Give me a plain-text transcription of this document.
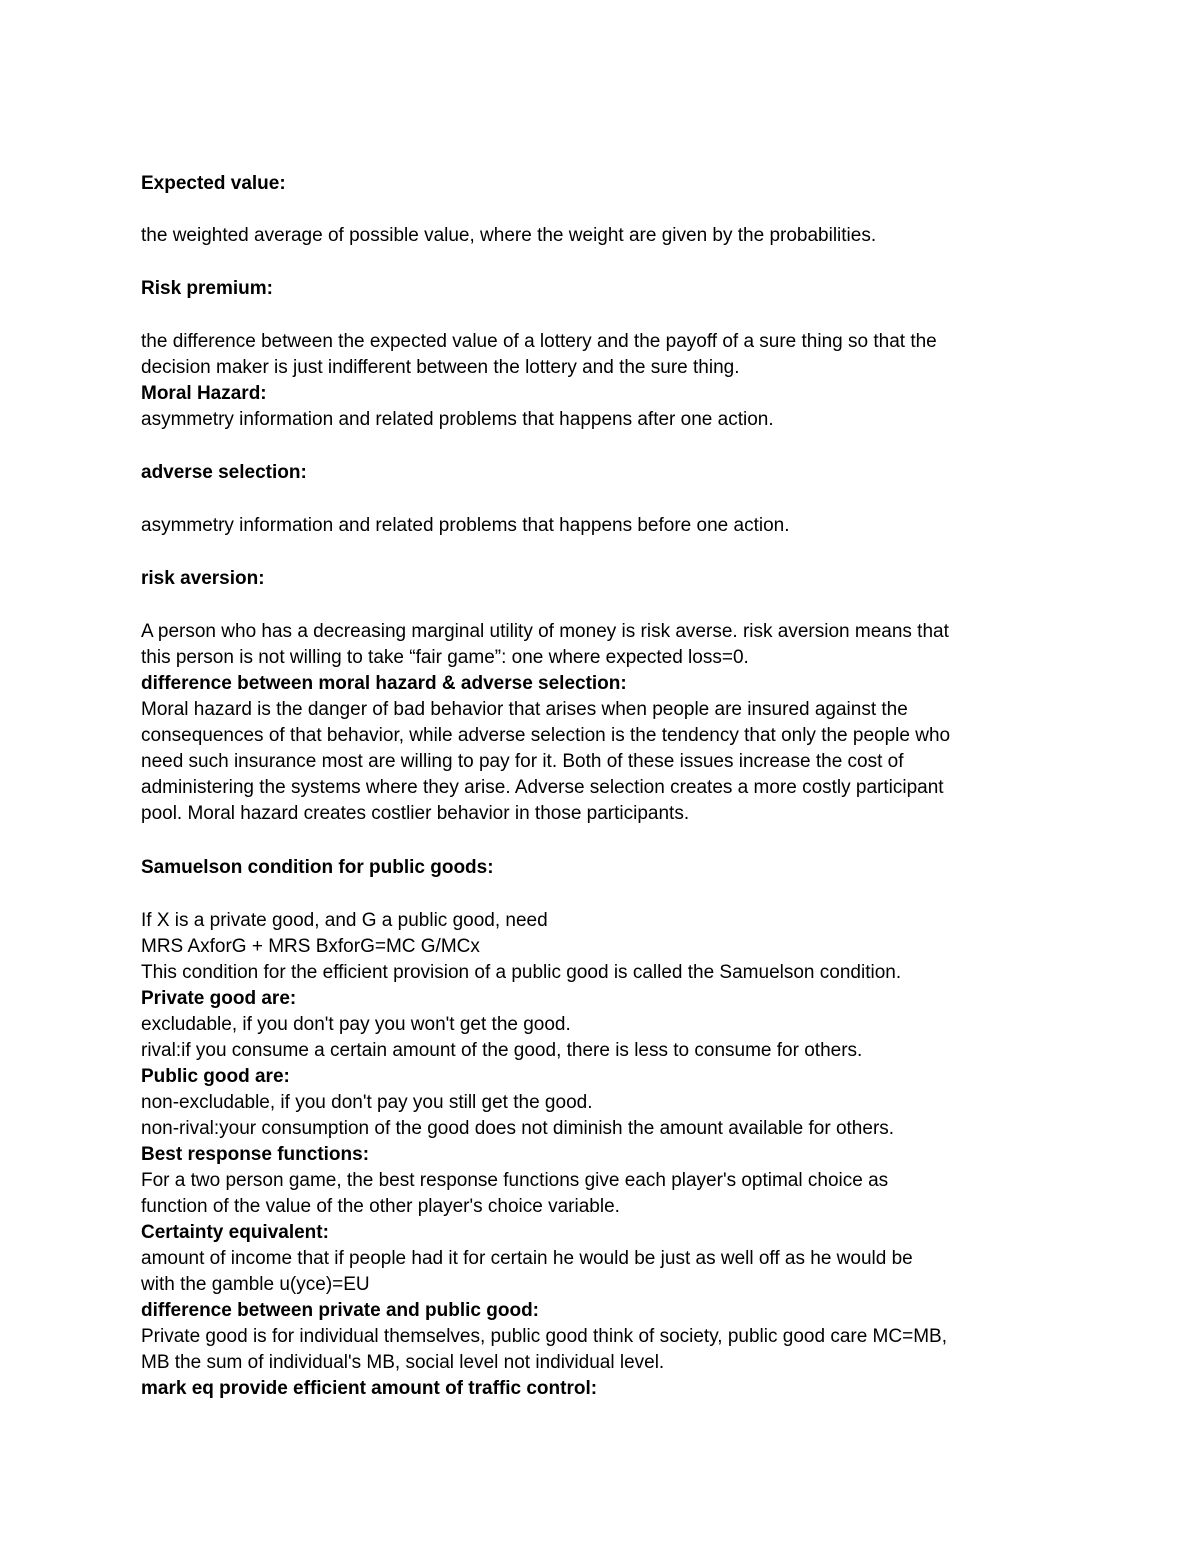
Expected value:
the weighted average of possible value, where the weight are given by the probabilities.
Risk premium:
the difference between the expected value of a lottery and the payoff of a sure thing so that the
decision maker is just indifferent between the lottery and the sure thing.
Moral Hazard:
asymmetry information and related problems that happens after one action.
adverse selection:
asymmetry information and related problems that happens before one action.
risk aversion:
A person who has a decreasing marginal utility of money is risk averse. risk aversion means that
this person is not willing to take “fair game”: one where expected loss=0.
difference between moral hazard & adverse selection:
Moral hazard is the danger of bad behavior that arises when people are insured against the
consequences of that behavior, while adverse selection is the tendency that only the people who
need such insurance most are willing to pay for it. Both of these issues increase the cost of
administering the systems where they arise. Adverse selection creates a more costly participant
pool. Moral hazard creates costlier behavior in those participants.
Samuelson condition for public goods:
If X is a private good, and G a public good, need
MRS AxforG + MRS BxforG=MC G/MCx
This condition for the efficient provision of a public good is called the Samuelson condition.
Private good are:
excludable, if you don't pay you won't get the good.
rival:if you consume a certain amount of the good, there is less to consume for others.
Public good are:
non-excludable, if you don't pay you still get the good.
non-rival:your consumption of the good does not diminish the amount available for others.
Best response functions:
For a two person game, the best response functions give each player's optimal choice as
function of the value of the other player's choice variable.
Certainty equivalent:
amount of income that if people had it for certain he would be just as well off as he would be
with the gamble u(yce)=EU
difference between private and public good:
Private good is for individual themselves, public good think of society, public good care MC=MB,
MB the sum of individual's MB, social level not individual level.
mark eq provide efficient amount of traffic control:
